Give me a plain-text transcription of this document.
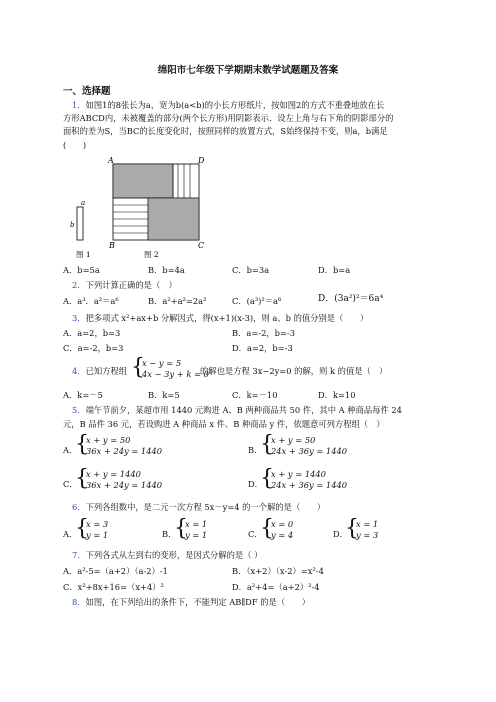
绵阳市七年级下学期期末数学试题题及答案
一、选择题
1．如图1的8张长为a，宽为b(a<b)的小长方形纸片，按如图2的方式不重叠地放在长
方形ABCD内，未被覆盖的部分(两个长方形)用阴影表示．设左上角与右下角的阴影部分的
面积的差为S，当BC的长度变化时，按照同样的放置方式，S始终保持不变，则a，b满足
(　　)
A	D
B	C
a
b
图 1	图 2
A．b=5a	B．b=4a	C．b=3a	D．b=a
2．下列计算正确的是（　）
A．a³．a²＝a⁶	B．a²+a²=2a²	C．(a³)²＝a⁶	D．(3a²)²＝6a⁴
3．把多项式 x²+ax+b 分解因式，得(x+1)(x-3)，则 a、b 的值分别是（　　）
A．a=2，b=3	B．a=-2，b=-3
C．a=-2，b=3	D．a=2，b=-3
4．已知方程组 {
x − y = 5
4x − 3y + k = 0
的解也是方程 3x−2y=0 的解，则 k 的值是（　）
A．k=－5	B．k=5	C．k=－10	D．k=10
5．端午节前夕，某超市用 1440 元购进 A、B 两种商品共 50 件，其中 A 种商品每件 24
元，B 品件 36 元，若设购进 A 种商品 x 件、B 种商品 y 件，依题意可列方程组（　）
A．
{
x + y = 50
36x + 24y = 1440	B．
{
x + y = 50
24x + 36y = 1440
C．
{
x + y = 1440
36x + 24y = 1440	D．
{
x + y = 1440
24x + 36y = 1440
6．下列各组数中，是二元一次方程 5x－y=4 的一个解的是（　　）
A．
{
x = 3
y = 1	B．
{
x = 1
y = 1	C．
{
x = 0
y = 4	D．
{
x = 1
y = 3
7．下列各式从左到右的变形，是因式分解的是（ ）
A．a²-5=（a+2）（a-2）-1	B．（x+2）（x-2）=x²-4
C．x²+8x+16=（x+4）²	D．a²+4=（a+2）²-4
8．如图，在下列给出的条件下，不能判定 AB∥DF 的是（　　）
